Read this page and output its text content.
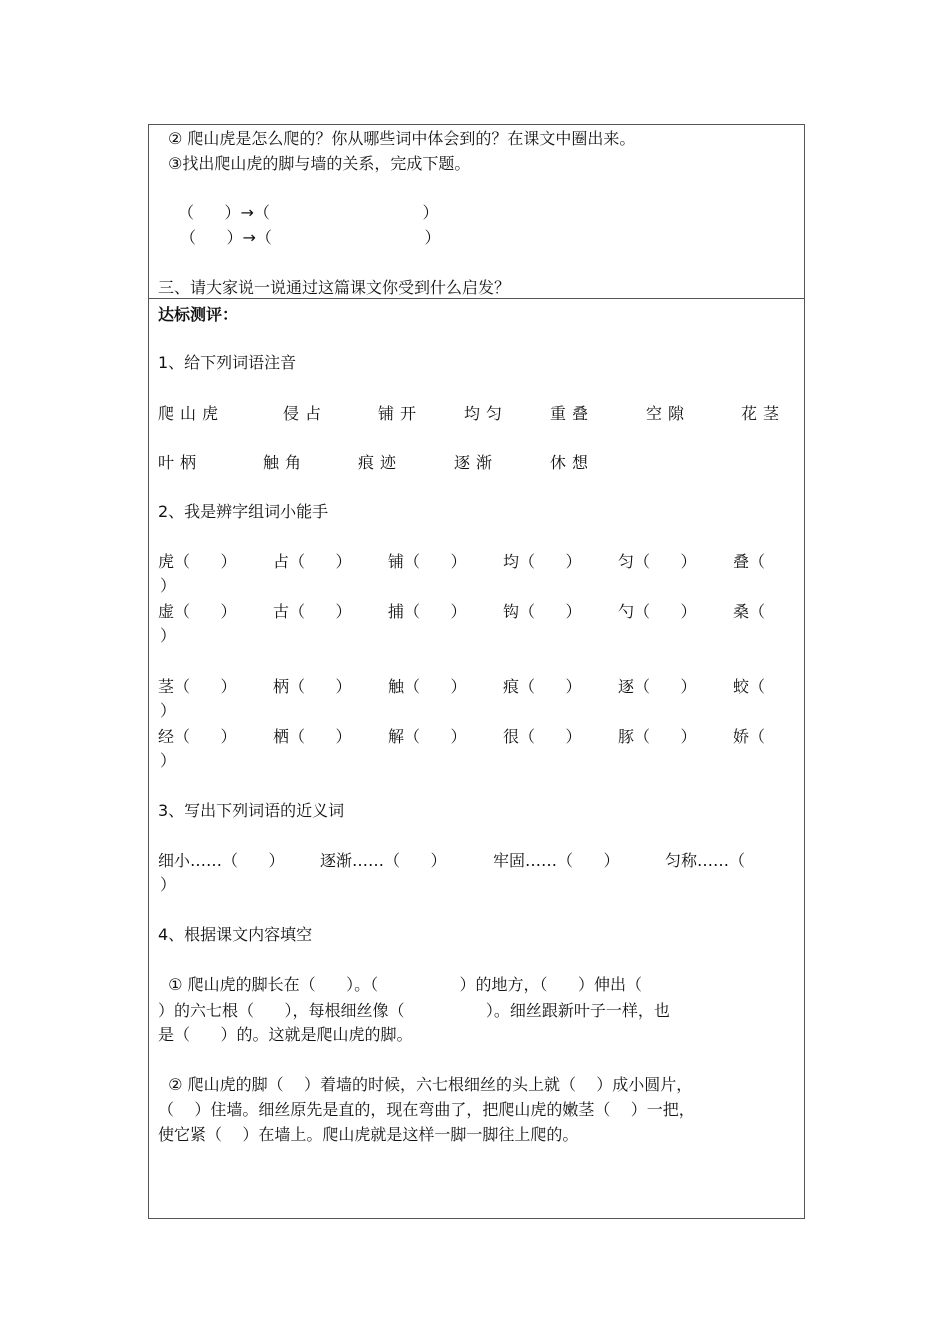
② 爬山虎是怎么爬的？你从哪些词中体会到的？在课文中圈出来。
③找出爬山虎的脚与墙的关系，完成下题。
（      ）→（                              ）
（      ）→（                              ）
三、请大家说一说通过这篇课文你受到什么启发？
达标测评：
1、给下列词语注音
爬山虎	侵占	铺开	均匀	重叠	空隙	花茎
叶柄	触角	痕迹	逐渐	休想
2、我是辨字组词小能手
虎（      ） 占（      ） 铺（      ） 均（      ） 匀（      ） 叠（
）
虚（      ） 古（      ） 捕（      ） 钩（      ） 勺（      ） 桑（
）
茎（      ） 柄（      ） 触（      ） 痕（      ） 逐（      ） 蛟（
）
经（      ） 栖（      ） 解（      ） 很（      ） 豚（      ） 娇（
）
3、写出下列词语的近义词
细小……（      ） 逐渐……（      ）	牢固……（      ）	匀称……（
）
4、根据课文内容填空
① 爬山虎的脚长在（      ）。（                ）的地方，（      ）伸出（
）的六七根（      ），每根细丝像（                ）。细丝跟新叶子一样，也
是（      ）的。这就是爬山虎的脚。
② 爬山虎的脚（    ）着墙的时候，六七根细丝的头上就（    ）成小圆片，
（    ）住墙。细丝原先是直的，现在弯曲了，把爬山虎的嫩茎（    ）一把，
使它紧（    ）在墙上。爬山虎就是这样一脚一脚往上爬的。
